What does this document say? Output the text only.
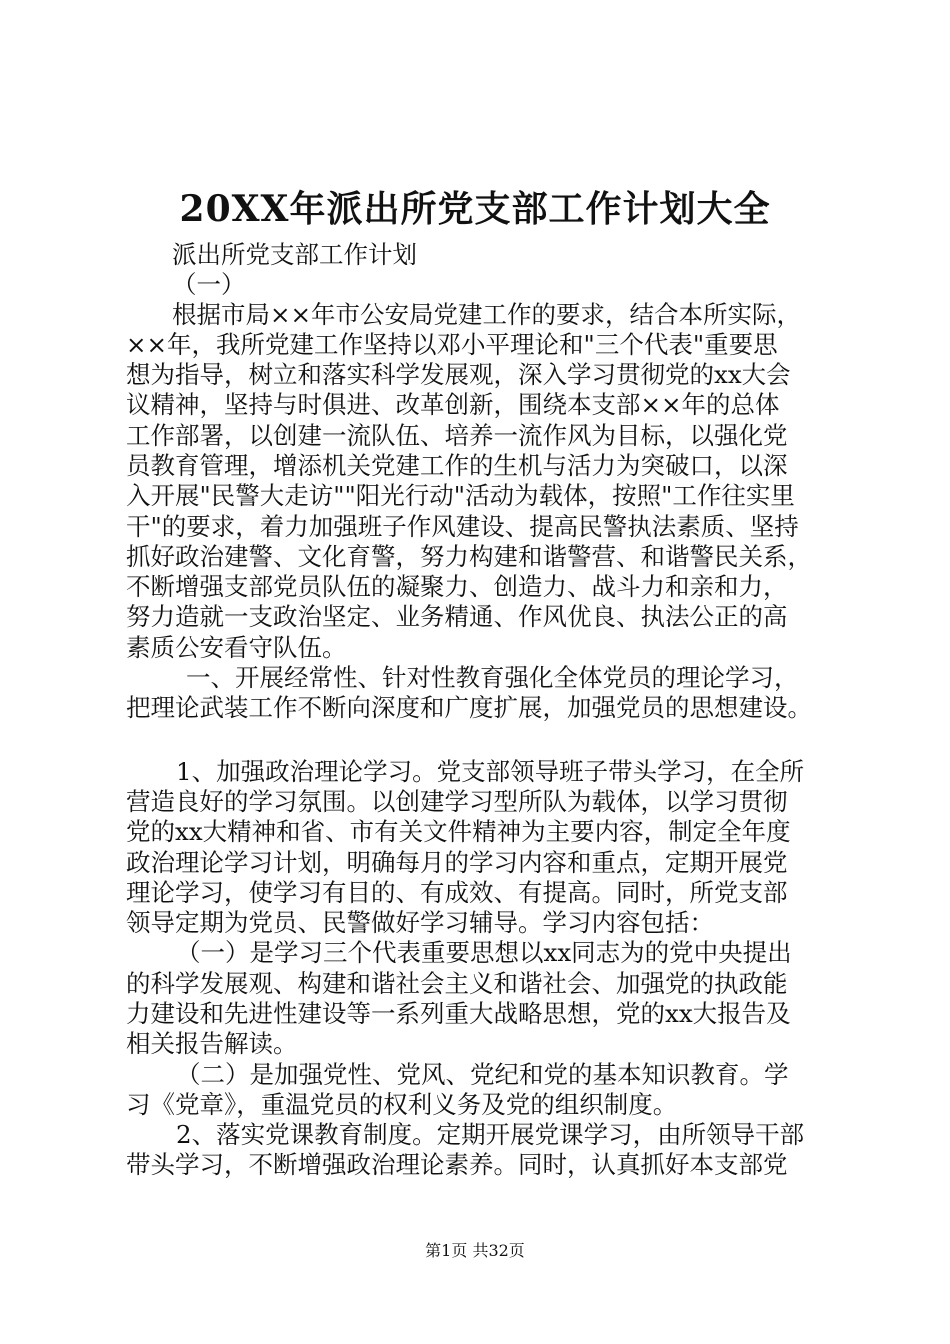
20XX年派出所党支部工作计划大全

派出所党支部工作计划

（一）

根据市局××年市公安局党建工作的要求，结合本所实际，

××年，我所党建工作坚持以邓小平理论和"三个代表"重要思

想为指导，树立和落实科学发展观，深入学习贯彻党的xx大会

议精神，坚持与时俱进、改革创新，围绕本支部××年的总体

工作部署，以创建一流队伍、培养一流作风为目标，以强化党

员教育管理，增添机关党建工作的生机与活力为突破口，以深

入开展"民警大走访""阳光行动"活动为载体，按照"工作往实里

干"的要求，着力加强班子作风建设、提高民警执法素质、坚持

抓好政治建警、文化育警，努力构建和谐警营、和谐警民关系，

不断增强支部党员队伍的凝聚力、创造力、战斗力和亲和力，

努力造就一支政治坚定、业务精通、作风优良、执法公正的高

素质公安看守队伍。

一、开展经常性、针对性教育强化全体党员的理论学习，

把理论武装工作不断向深度和广度扩展，加强党员的思想建设。

1、加强政治理论学习。党支部领导班子带头学习，在全所

营造良好的学习氛围。以创建学习型所队为载体，以学习贯彻

党的xx大精神和省、市有关文件精神为主要内容，制定全年度

政治理论学习计划，明确每月的学习内容和重点，定期开展党

理论学习，使学习有目的、有成效、有提高。同时，所党支部

领导定期为党员、民警做好学习辅导。学习内容包括：

（一）是学习三个代表重要思想以xx同志为的党中央提出

的科学发展观、构建和谐社会主义和谐社会、加强党的执政能

力建设和先进性建设等一系列重大战略思想，党的xx大报告及

相关报告解读。

（二）是加强党性、党风、党纪和党的基本知识教育。学

习《党章》，重温党员的权利义务及党的组织制度。

2、落实党课教育制度。定期开展党课学习，由所领导干部

带头学习，不断增强政治理论素养。同时，认真抓好本支部党

第1页 共32页
